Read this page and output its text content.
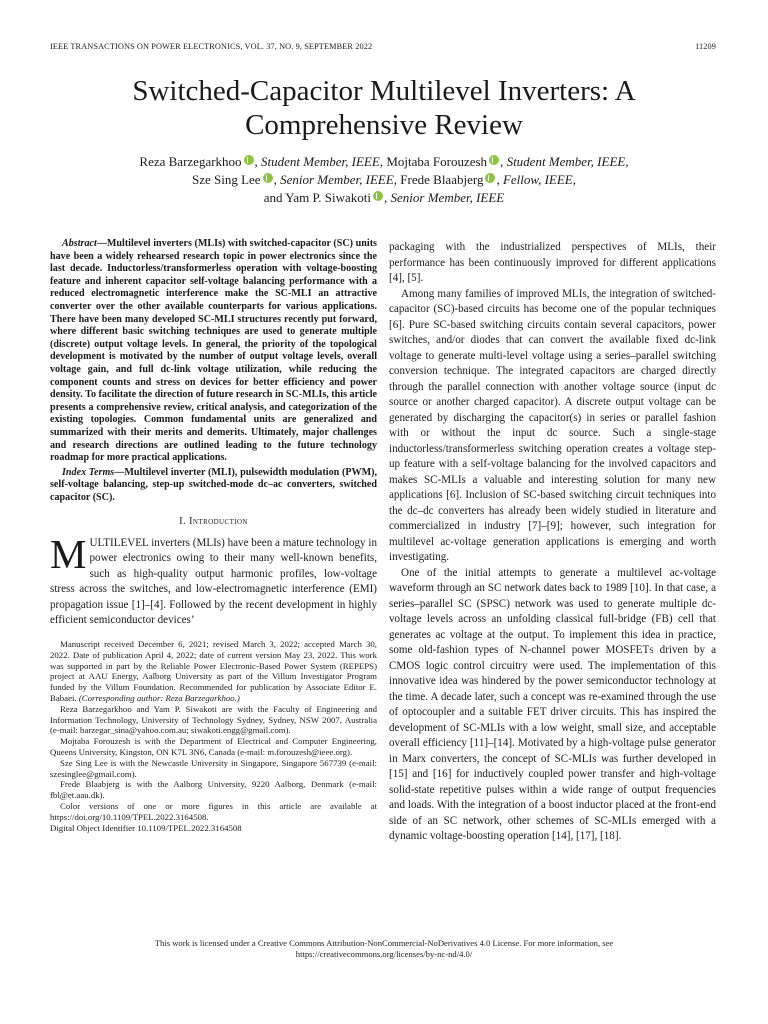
IEEE TRANSACTIONS ON POWER ELECTRONICS, VOL. 37, NO. 9, SEPTEMBER 2022	11209
Switched-Capacitor Multilevel Inverters: A
Comprehensive Review
Reza Barzegarkhoo , Student Member, IEEE, Mojtaba Forouzesh , Student Member, IEEE,
Sze Sing Lee , Senior Member, IEEE, Frede Blaabjerg , Fellow, IEEE,
and Yam P. Siwakoti , Senior Member, IEEE

Abstract—Multilevel inverters (MLIs) with switched-capacitor (SC) units have been a widely rehearsed research topic in power electronics since the last decade. Inductorless/transformerless operation with voltage-boosting feature and inherent capacitor self-voltage balancing performance with a reduced electromagnetic interference make the SC-MLI an attractive converter over the other available counterparts for various applications. There have been many developed SC-MLI structures recently put forward, where different basic switching techniques are used to generate multiple (discrete) output voltage levels. In general, the priority of the topological development is motivated by the number of output voltage levels, overall voltage gain, and full dc-link voltage utilization, while reducing the component counts and stress on devices for better efficiency and power density. To facilitate the direction of future research in SC-MLIs, this article presents a comprehensive review, critical analysis, and categorization of the existing topologies. Common fundamental units are generalized and summarized with their merits and demerits. Ultimately, major challenges and research directions are outlined leading to the future technology roadmap for more practical applications.

Index Terms—Multilevel inverter (MLI), pulsewidth modulation (PWM), self-voltage balancing, step-up switched-mode dc–ac converters, switched capacitor (SC).

I. Introduction

MULTILEVEL inverters (MLIs) have been a mature technology in power electronics owing to their many well-known benefits, such as high-quality output harmonic profiles, low-voltage stress across the switches, and low-electromagnetic interference (EMI) propagation issue [1]–[4]. Followed by the recent development in highly efficient semiconductor devices’

Manuscript received December 6, 2021; revised March 3, 2022; accepted March 30, 2022. Date of publication April 4, 2022; date of current version May 23, 2022. This work was supported in part by the Reliable Power Electronic-Based Power System (REPEPS) project at AAU Energy, Aalborg University as part of the Villum Investigator Program funded by the Villum Foundation. Recommended for publication by Associate Editor E. Babaei. (Corresponding author: Reza Barzegarkhoo.)

Reza Barzegarkhoo and Yam P. Siwakoti are with the Faculty of Engineering and Information Technology, University of Technology Sydney, Sydney, NSW 2007, Australia (e-mail: barzegar_sina@yahoo.com.au; siwakoti.engg@gmail.com).

Mojtaba Forouzesh is with the Department of Electrical and Computer Engineering, Queens University, Kingston, ON K7L 3N6, Canada (e-mail: m.forouzesh@ieee.org).

Sze Sing Lee is with the Newcastle University in Singapore, Singapore 567739 (e-mail: szesinglee@gmail.com).

Frede Blaabjerg is with the Aalborg University, 9220 Aalborg, Denmark (e-mail: fbl@et.aau.dk).

Color versions of one or more figures in this article are available at https://doi.org/10.1109/TPEL.2022.3164508.

Digital Object Identifier 10.1109/TPEL.2022.3164508

packaging with the industrialized perspectives of MLIs, their performance has been continuously improved for different applications [4], [5].

Among many families of improved MLIs, the integration of switched-capacitor (SC)-based circuits has become one of the popular techniques [6]. Pure SC-based switching circuits contain several capacitors, power switches, and/or diodes that can convert the available fixed dc-link voltage to generate multi-level voltage using a series–parallel switching conversion technique. The integrated capacitors are charged directly through the parallel connection with another voltage source (input dc source or another charged capacitor). A discrete output voltage can be generated by discharging the capacitor(s) in series or parallel fashion with or without the input dc source. Such a single-stage inductorless/transformerless switching operation creates a voltage step-up feature with a self-voltage balancing for the involved capacitors and makes SC-MLIs a valuable and interesting solution for many new applications [6]. Inclusion of SC-based switching circuit techniques into the dc–dc converters has already been widely studied in literature and commercialized in industry [7]–[9]; however, such integration for multilevel ac-voltage generation applications is emerging and worth investigating.

One of the initial attempts to generate a multilevel ac-voltage waveform through an SC network dates back to 1989 [10]. In that case, a series–parallel SC (SPSC) network was used to generate multiple dc-voltage levels across an unfolding classical full-bridge (FB) cell that generates ac voltage at the output. To implement this idea in practice, some old-fashion types of N-channel power MOSFETs driven by a CMOS logic control circuitry were used. The implementation of this innovative idea was hindered by the power semiconductor technology at the time. A decade later, such a concept was re-examined through the use of optocoupler and a suitable FET driver circuits. This has inspired the development of SC-MLIs with a low weight, small size, and acceptable overall efficiency [11]–[14]. Motivated by a high-voltage pulse generator in Marx converters, the concept of SC-MLIs was further developed in [15] and [16] for inductively coupled power transfer and high-voltage solid-state repetitive pulses within a wide range of output frequencies and loads. With the integration of a boost inductor placed at the front-end side of an SC network, other schemes of SC-MLIs emerged with a dynamic voltage-boosting operation [14], [17], [18].

This work is licensed under a Creative Commons Attribution-NonCommercial-NoDerivatives 4.0 License. For more information, see
https://creativecommons.org/licenses/by-nc-nd/4.0/
